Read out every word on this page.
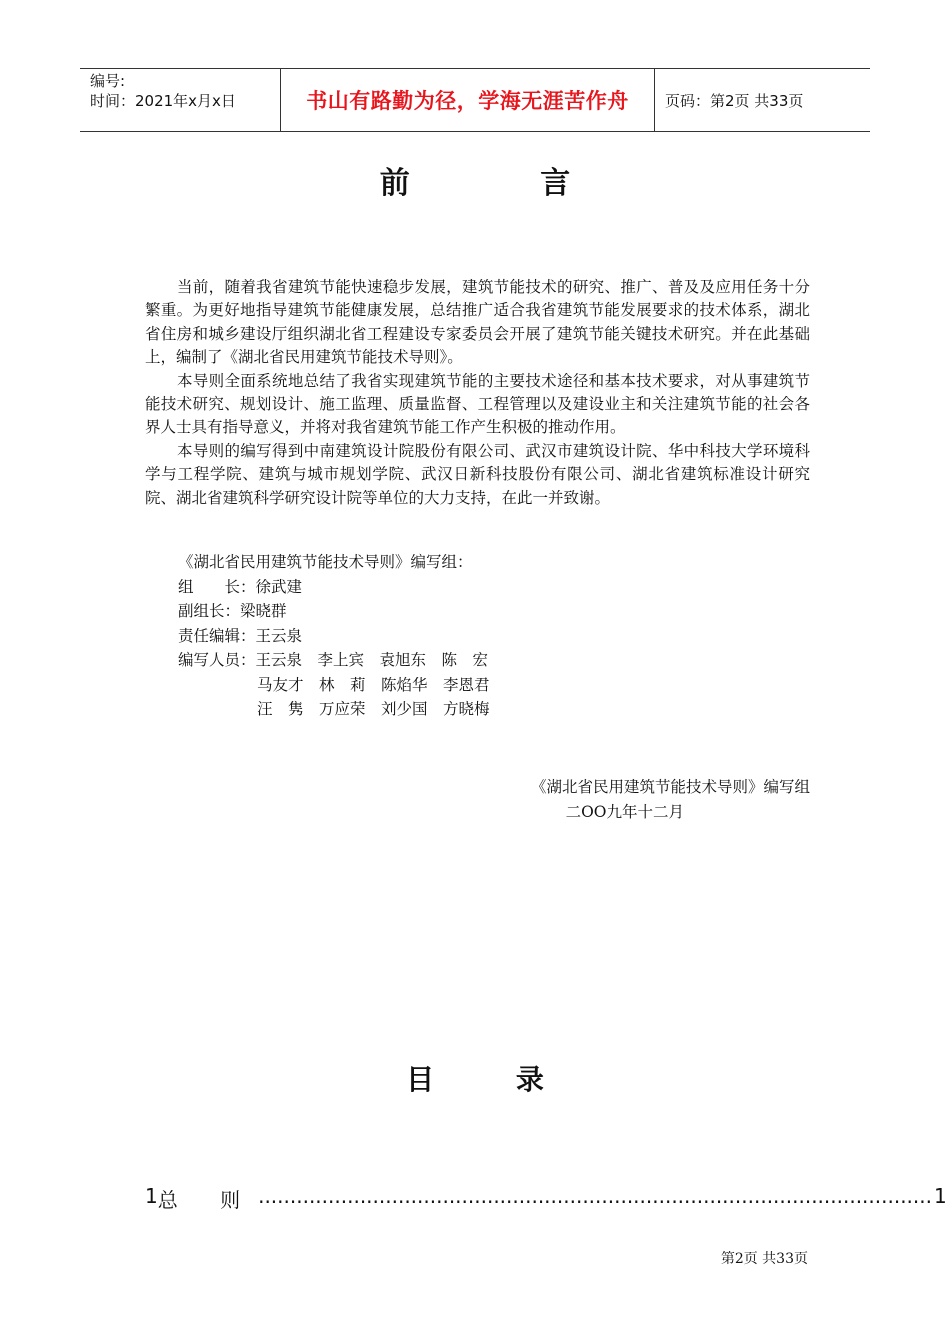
编号:
时间：2021年x月x日	书山有路勤为径，学海无涯苦作舟	页码：第2页 共33页
前 言

当前，随着我省建筑节能快速稳步发展，建筑节能技术的研究、推广、普及及应用任务十分繁重。为更好地指导建筑节能健康发展，总结推广适合我省建筑节能发展要求的技术体系，湖北省住房和城乡建设厅组织湖北省工程建设专家委员会开展了建筑节能关键技术研究。并在此基础上，编制了《湖北省民用建筑节能技术导则》。

本导则全面系统地总结了我省实现建筑节能的主要技术途径和基本技术要求，对从事建筑节能技术研究、规划设计、施工监理、质量监督、工程管理以及建设业主和关注建筑节能的社会各界人士具有指导意义，并将对我省建筑节能工作产生积极的推动作用。

本导则的编写得到中南建筑设计院股份有限公司、武汉市建筑设计院、华中科技大学环境科学与工程学院、建筑与城市规划学院、武汉日新科技股份有限公司、湖北省建筑标准设计研究院、湖北省建筑科学研究设计院等单位的大力支持，在此一并致谢。

《湖北省民用建筑节能技术导则》编写组：
组　　长： 徐武建
副组长： 梁晓群
责任编辑： 王云泉
编写人员： 王云泉 李上宾 袁旭东 陈　宏
马友才 林　莉 陈焰华 李恩君
汪　隽 万应荣 刘少国 方晓梅
《湖北省民用建筑节能技术导则》编写组
二OO九年十二月
目 录
1 总 则 .......................................................................................................... 1
第2页 共33页
